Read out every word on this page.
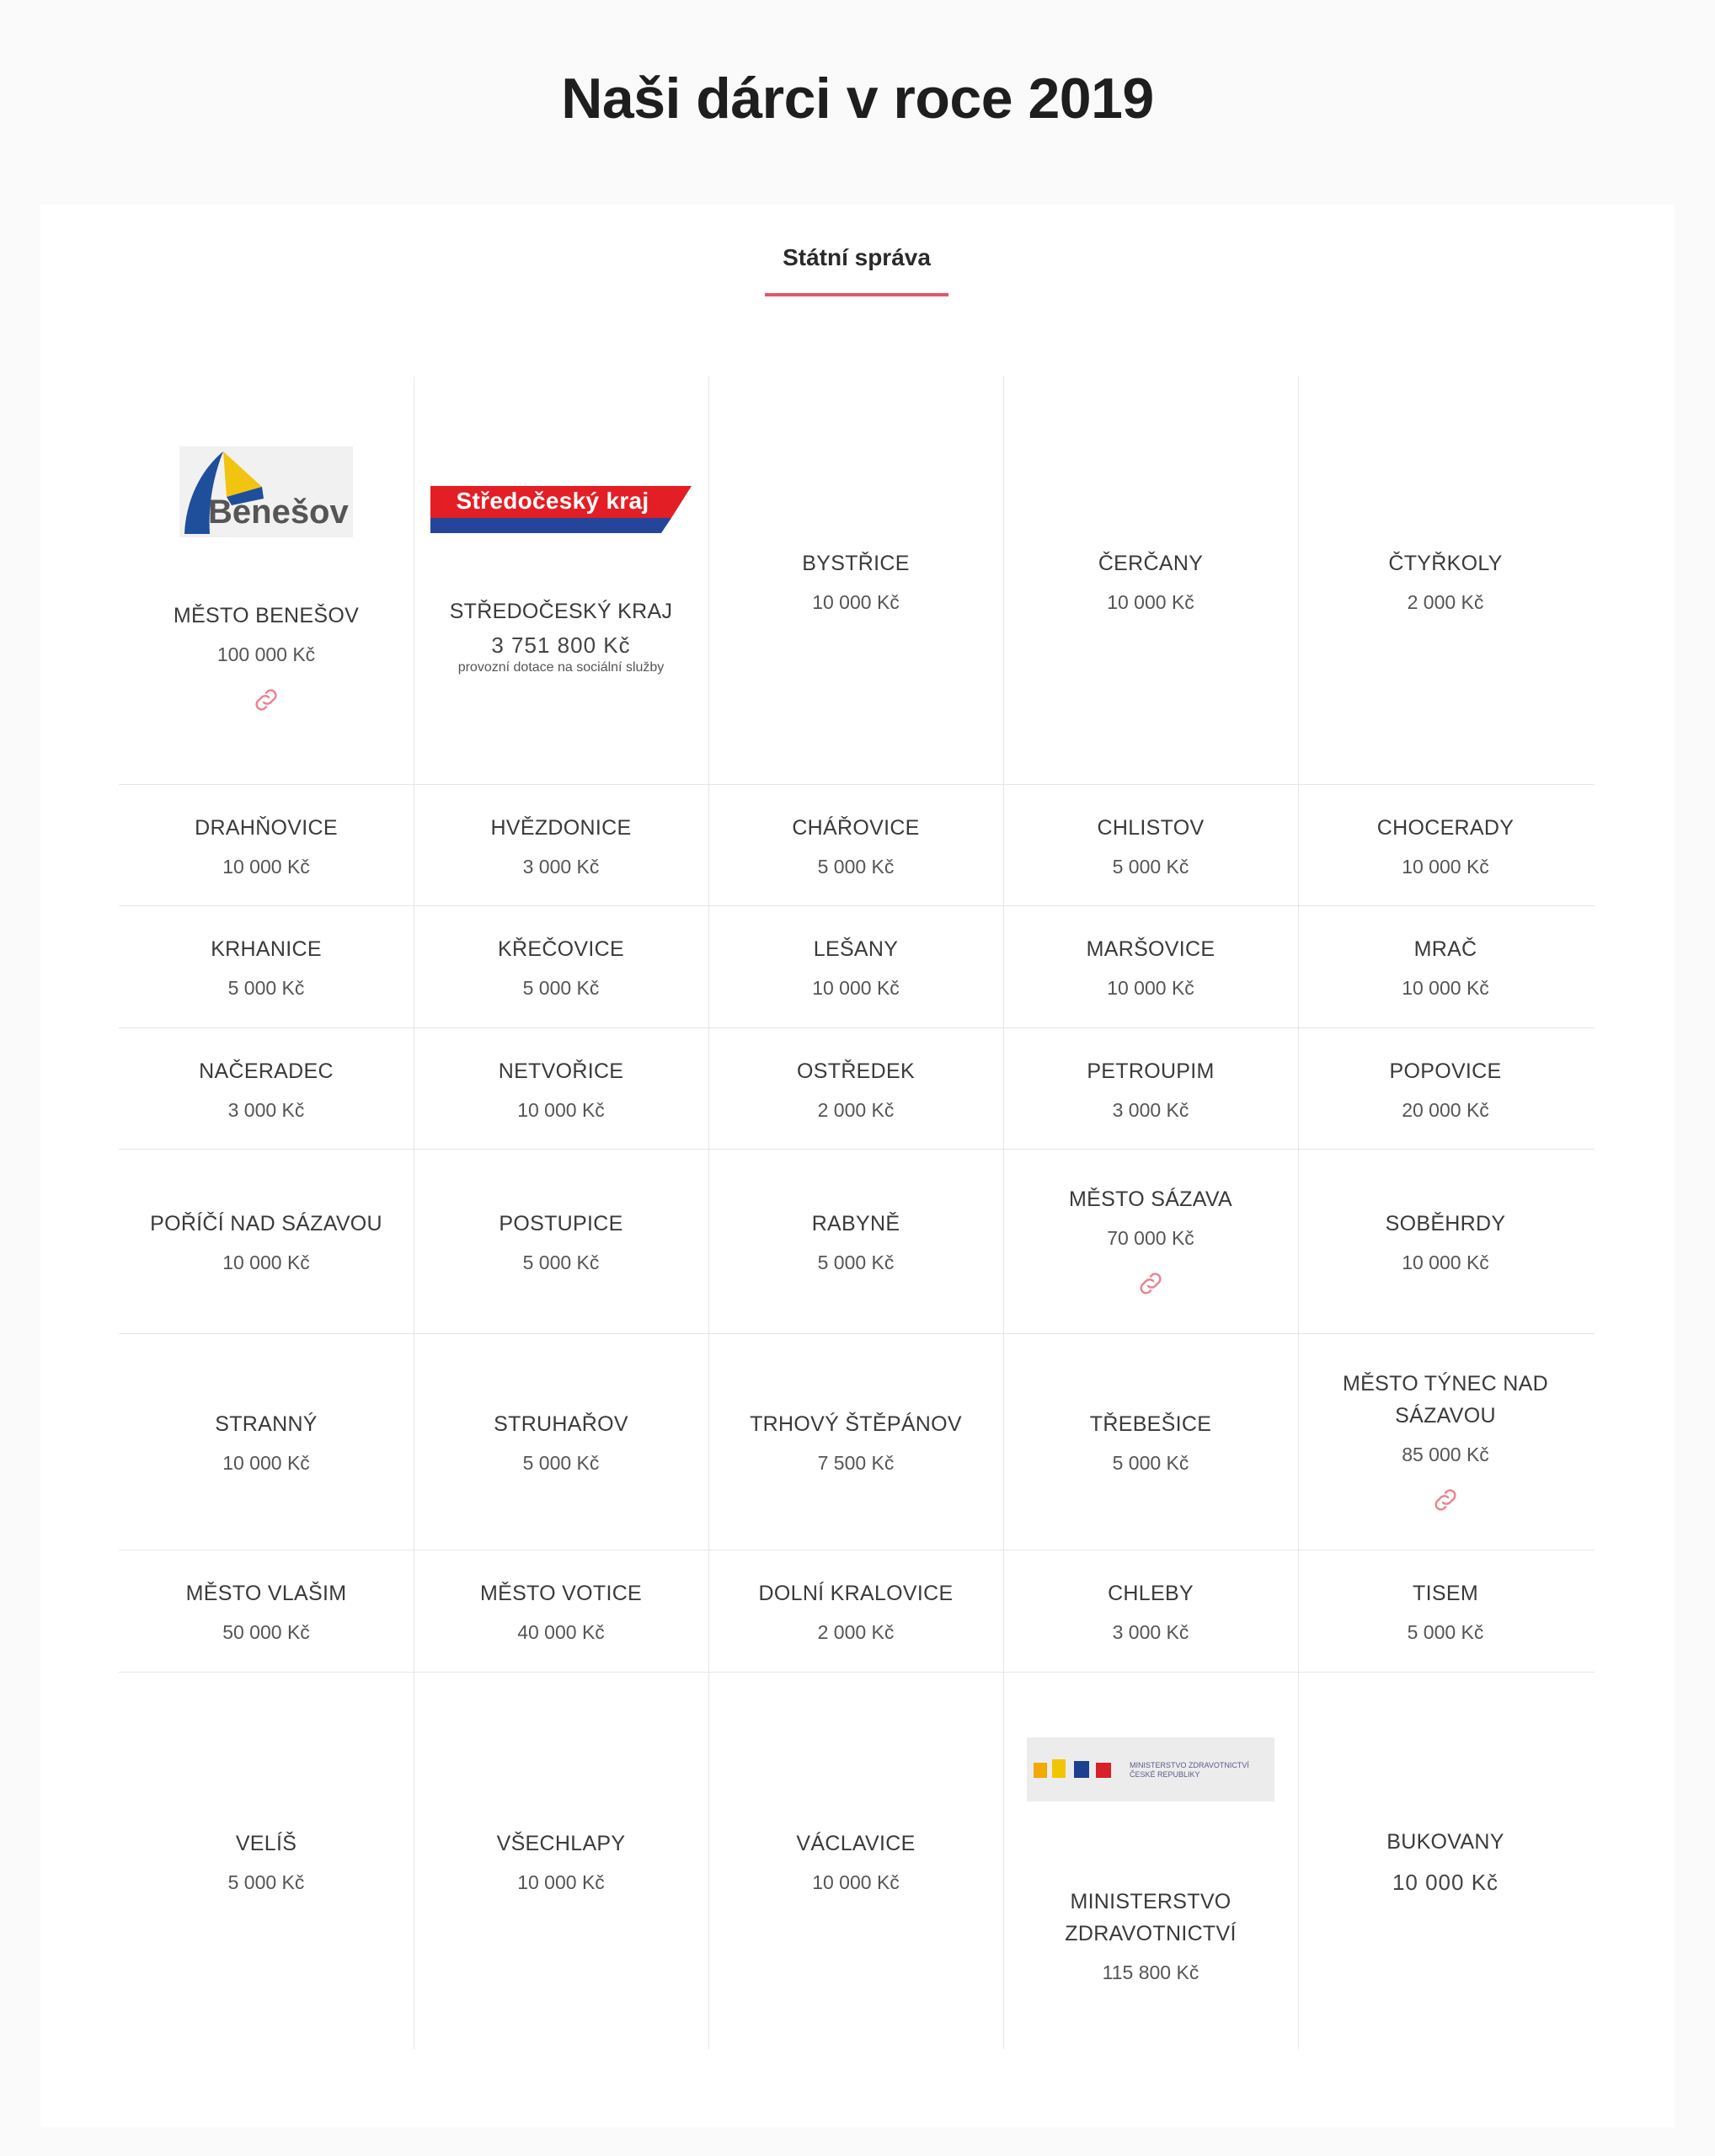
Naši dárci v roce 2019
Státní správa
Benešov
MĚSTO BENEŠOV
100 000 Kč
Středočeský kraj
STŘEDOČESKÝ KRAJ
3 751 800 Kč
provozní dotace na sociální služby
BYSTŘICE
10 000 Kč
ČERČANY
10 000 Kč
ČTYŘKOLY
2 000 Kč
DRAHŇOVICE
10 000 Kč
HVĚZDONICE
3 000 Kč
CHÁŘOVICE
5 000 Kč
CHLISTOV
5 000 Kč
CHOCERADY
10 000 Kč
KRHANICE
5 000 Kč
KŘEČOVICE
5 000 Kč
LEŠANY
10 000 Kč
MARŠOVICE
10 000 Kč
MRAČ
10 000 Kč
NAČERADEC
3 000 Kč
NETVOŘICE
10 000 Kč
OSTŘEDEK
2 000 Kč
PETROUPIM
3 000 Kč
POPOVICE
20 000 Kč
POŘÍČÍ NAD SÁZAVOU
10 000 Kč
POSTUPICE
5 000 Kč
RABYNĚ
5 000 Kč
MĚSTO SÁZAVA
70 000 Kč
SOBĚHRDY
10 000 Kč
STRANNÝ
10 000 Kč
STRUHAŘOV
5 000 Kč
TRHOVÝ ŠTĚPÁNOV
7 500 Kč
TŘEBEŠICE
5 000 Kč
MĚSTO TÝNEC NAD SÁZAVOU
85 000 Kč
MĚSTO VLAŠIM
50 000 Kč
MĚSTO VOTICE
40 000 Kč
DOLNÍ KRALOVICE
2 000 Kč
CHLEBY
3 000 Kč
TISEM
5 000 Kč
VELÍŠ
5 000 Kč
VŠECHLAPY
10 000 Kč
VÁCLAVICE
10 000 Kč
MINISTERSTVO ZDRAVOTNICTVÍ
ČESKÉ REPUBLIKY
MINISTERSTVO ZDRAVOTNICTVÍ
115 800 Kč
BUKOVANY
10 000 Kč
